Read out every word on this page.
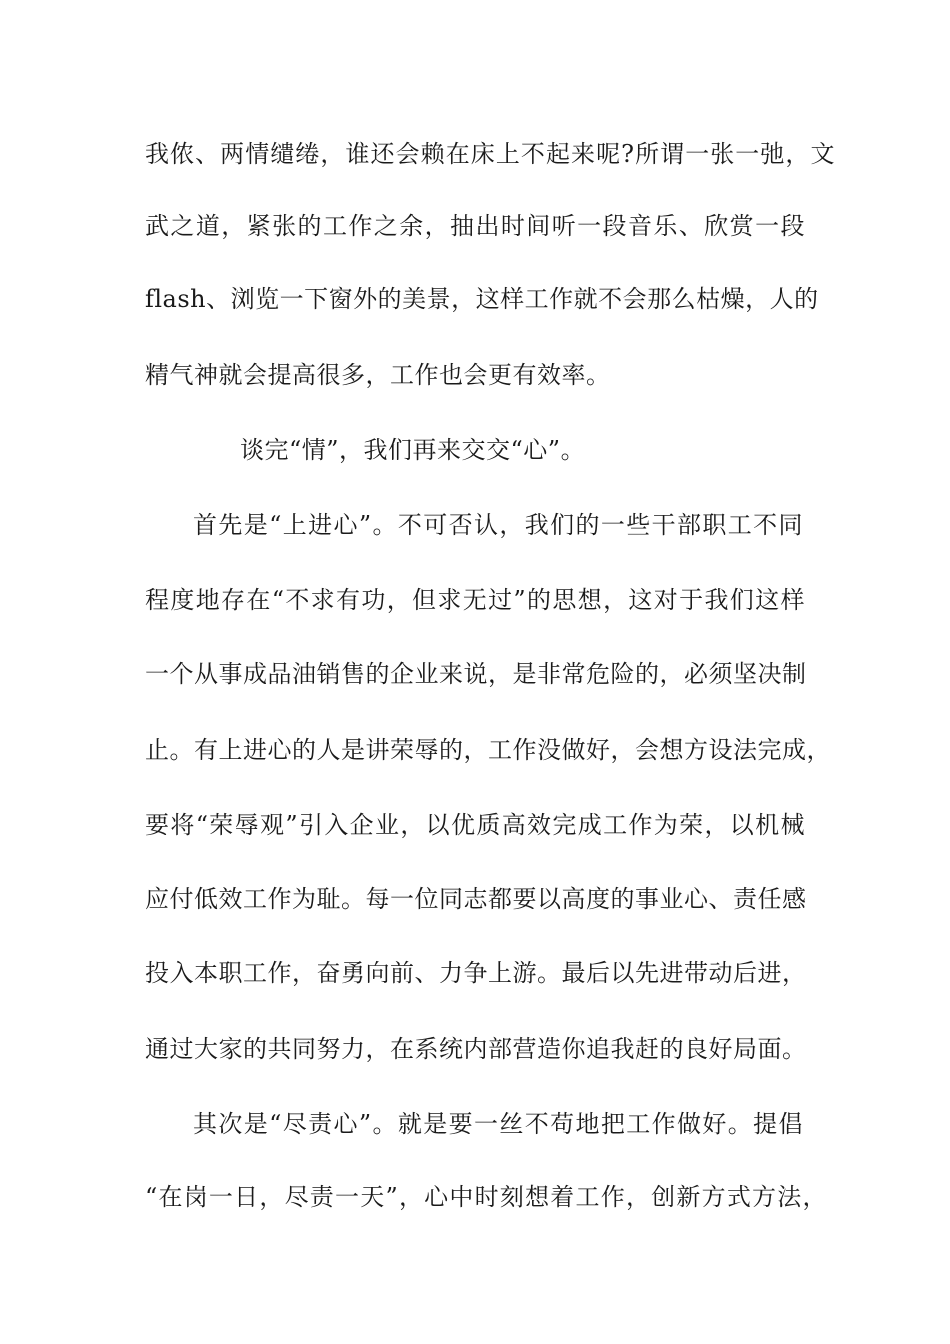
我侬、两情缱绻，谁还会赖在床上不起来呢?所谓一张一弛，文
武之道，紧张的工作之余，抽出时间听一段音乐、欣赏一段
flash、浏览一下窗外的美景，这样工作就不会那么枯燥，人的
精气神就会提高很多，工作也会更有效率。
谈完“情”，我们再来交交“心”。
首先是“上进心”。不可否认，我们的一些干部职工不同
程度地存在“不求有功，但求无过”的思想，这对于我们这样
一个从事成品油销售的企业来说，是非常危险的，必须坚决制
止。有上进心的人是讲荣辱的，工作没做好，会想方设法完成，
要将“荣辱观”引入企业，以优质高效完成工作为荣，以机械
应付低效工作为耻。每一位同志都要以高度的事业心、责任感
投入本职工作，奋勇向前、力争上游。最后以先进带动后进，
通过大家的共同努力，在系统内部营造你追我赶的良好局面。
其次是“尽责心”。就是要一丝不苟地把工作做好。提倡
“在岗一日，尽责一天”，心中时刻想着工作，创新方式方法，
